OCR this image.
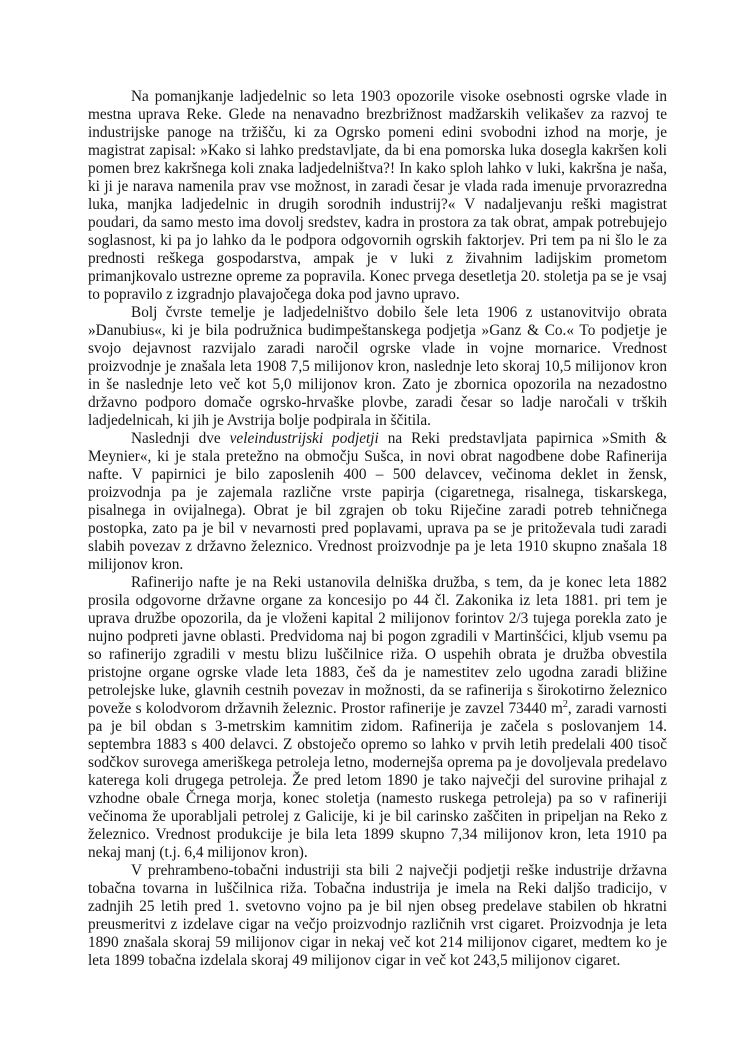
Na pomanjkanje ladjedelnic so leta 1903 opozorile visoke osebnosti ogrske vlade in mestna uprava Reke. Glede na nenavadno brezbrižnost madžarskih velikašev za razvoj te industrijske panoge na tržišču, ki za Ogrsko pomeni edini svobodni izhod na morje, je magistrat zapisal: »Kako si lahko predstavljate, da bi ena pomorska luka dosegla kakršen koli pomen brez kakršnega koli znaka ladjedelništva?! In kako sploh lahko v luki, kakršna je naša, ki ji je narava namenila prav vse možnost, in zaradi česar je vlada rada imenuje prvorazredna luka, manjka ladjedelnic in drugih sorodnih industrij?« V nadaljevanju reški magistrat poudari, da samo mesto ima dovolj sredstev, kadra in prostora za tak obrat, ampak potrebujejo soglasnost, ki pa jo lahko da le podpora odgovornih ogrskih faktorjev. Pri tem pa ni šlo le za prednosti reškega gospodarstva, ampak je v luki z živahnim ladijskim prometom primanjkovalo ustrezne opreme za popravila. Konec prvega desetletja 20. stoletja pa se je vsaj to popravilo z izgradnjo plavajočega doka pod javno upravo.

Bolj čvrste temelje je ladjedelništvo dobilo šele leta 1906 z ustanovitvijo obrata »Danubius«, ki je bila podružnica budimpeštanskega podjetja »Ganz & Co.« To podjetje je svojo dejavnost razvijalo zaradi naročil ogrske vlade in vojne mornarice. Vrednost proizvodnje je znašala leta 1908 7,5 milijonov kron, naslednje leto skoraj 10,5 milijonov kron in še naslednje leto več kot 5,0 milijonov kron. Zato je zbornica opozorila na nezadostno državno podporo domače ogrsko-hrvaške plovbe, zaradi česar so ladje naročali v trških ladjedelnicah, ki jih je Avstrija bolje podpirala in ščitila.

Naslednji dve veleindustrijski podjetji na Reki predstavljata papirnica »Smith & Meynier«, ki je stala pretežno na območju Sušca, in novi obrat nagodbene dobe Rafinerija nafte. V papirnici je bilo zaposlenih 400 – 500 delavcev, večinoma deklet in žensk, proizvodnja pa je zajemala različne vrste papirja (cigaretnega, risalnega, tiskarskega, pisalnega in ovijalnega). Obrat je bil zgrajen ob toku Riječine zaradi potreb tehničnega postopka, zato pa je bil v nevarnosti pred poplavami, uprava pa se je pritoževala tudi zaradi slabih povezav z državno železnico. Vrednost proizvodnje pa je leta 1910 skupno znašala 18 milijonov kron.

Rafinerijo nafte je na Reki ustanovila delniška družba, s tem, da je konec leta 1882 prosila odgovorne državne organe za koncesijo po 44 čl. Zakonika iz leta 1881. pri tem je uprava družbe opozorila, da je vloženi kapital 2 milijonov forintov 2/3 tujega porekla zato je nujno podpreti javne oblasti. Predvidoma naj bi pogon zgradili v Martinšćici, kljub vsemu pa so rafinerijo zgradili v mestu blizu luščilnice riža. O uspehih obrata je družba obvestila pristojne organe ogrske vlade leta 1883, češ da je namestitev zelo ugodna zaradi bližine petrolejske luke, glavnih cestnih povezav in možnosti, da se rafinerija s širokotirno železnico poveže s kolodvorom državnih železnic. Prostor rafinerije je zavzel 73440 $m^2$, zaradi varnosti pa je bil obdan s 3-metrskim kamnitim zidom. Rafinerija je začela s poslovanjem 14. septembra 1883 s 400 delavci. Z obstoječo opremo so lahko v prvih letih predelali 400 tisoč sodčkov surovega ameriškega petroleja letno, modernejša oprema pa je dovoljevala predelavo katerega koli drugega petroleja. Že pred letom 1890 je tako največji del surovine prihajal z vzhodne obale Črnega morja, konec stoletja (namesto ruskega petroleja) pa so v rafineriji večinoma že uporabljali petrolej z Galicije, ki je bil carinsko zaščiten in pripeljan na Reko z železnico. Vrednost produkcije je bila leta 1899 skupno 7,34 milijonov kron, leta 1910 pa nekaj manj (t.j. 6,4 milijonov kron).

V prehrambeno-tobačni industriji sta bili 2 največji podjetji reške industrije državna tobačna tovarna in luščilnica riža. Tobačna industrija je imela na Reki daljšo tradicijo, v zadnjih 25 letih pred 1. svetovno vojno pa je bil njen obseg predelave stabilen ob hkratni preusmeritvi z izdelave cigar na večjo proizvodnjo različnih vrst cigaret. Proizvodnja je leta 1890 znašala skoraj 59 milijonov cigar in nekaj več kot 214 milijonov cigaret, medtem ko je leta 1899 tobačna izdelala skoraj 49 milijonov cigar in več kot 243,5 milijonov cigaret.
